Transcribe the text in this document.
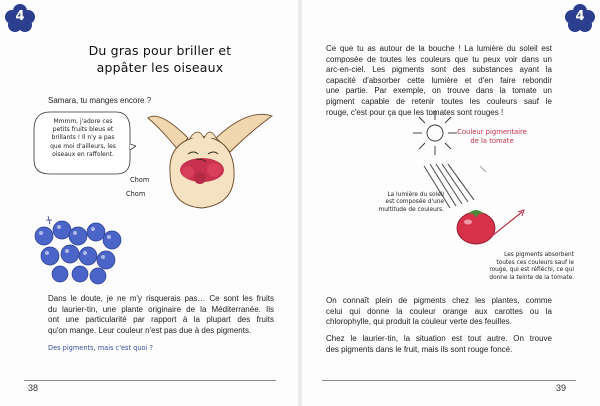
4
Du gras pour briller et
appâter les oiseaux
Samara, tu manges encore ?
Mmmm, j'adore ces
petits fruits bleus et
brillants ! Il n'y a pas
que moi d'ailleurs, les
oiseaux en raffolent.
Chom
Chom
Dans le doute, je ne m'y risquerais pas… Ce sont les fruits
du laurier-tin, une plante originaire de la Méditerranée. Ils
ont une particularité par rapport à la plupart des fruits
qu'on mange. Leur couleur n'est pas due à des pigments.
Des pigments, mais c'est quoi ?
38
4
Ce que tu as autour de la bouche ! La lumière du soleil est
composée de toutes les couleurs que tu peux voir dans un
arc-en-ciel. Les pigments sont des substances ayant la
capacité d'absorber cette lumière et d'en faire rebondir
une partie. Par exemple, on trouve dans la tomate un
pigment capable de retenir toutes les couleurs sauf le
rouge, c'est pour ça que les tomates sont rouges !
Couleur pigmentaire
de la tomate
La lumière du soleil
est composée d'une
multitude de couleurs.
Les pigments absorbent
toutes ces couleurs sauf le
rouge, qui est réfléchi, ce qui
donne la teinte de la tomate.
On connaît plein de pigments chez les plantes, comme
celui qui donne la couleur orange aux carottes ou la
chlorophylle, qui produit la couleur verte des feuilles.
Chez le laurier-tin, la situation est tout autre. On trouve
des pigments dans le fruit, mais ils sont rouge foncé.
39
